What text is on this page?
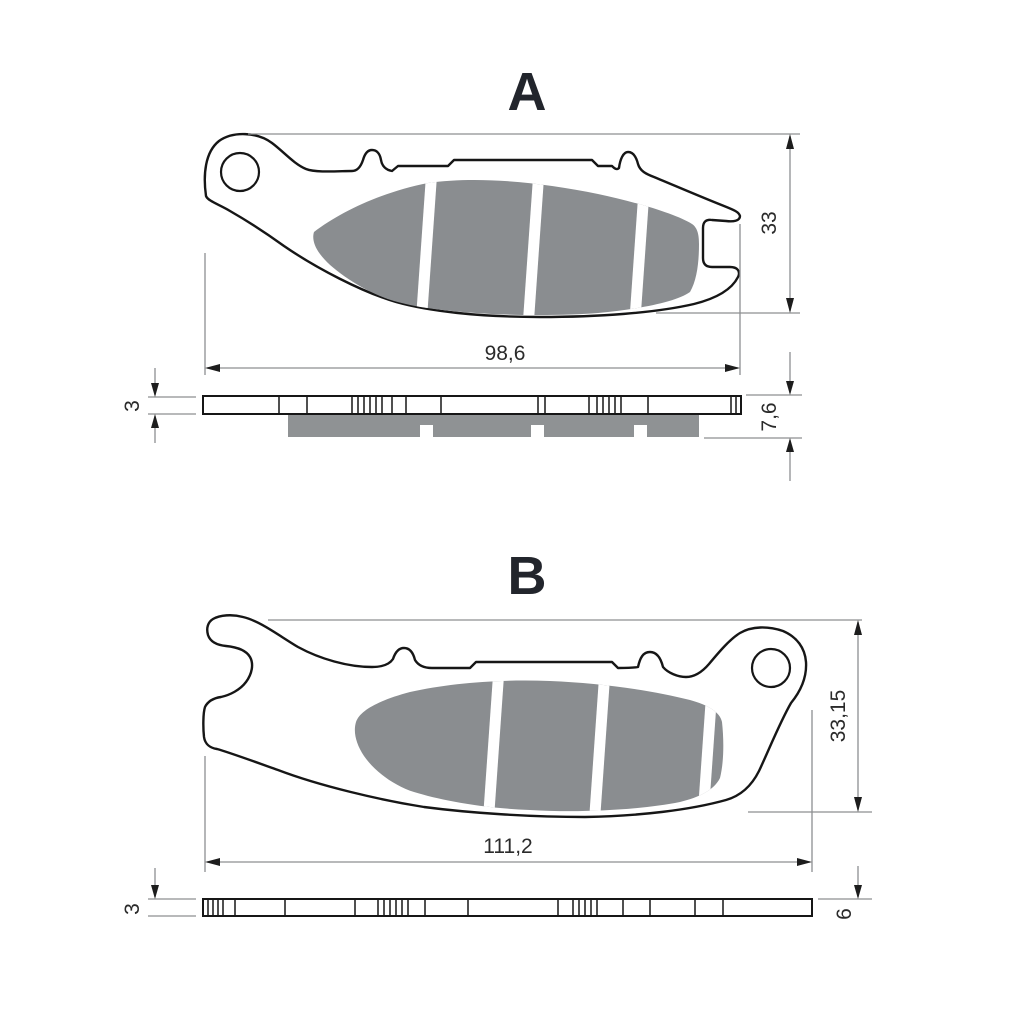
A
33
98,6
3	7,6
B
33,15
111,2
3	6
